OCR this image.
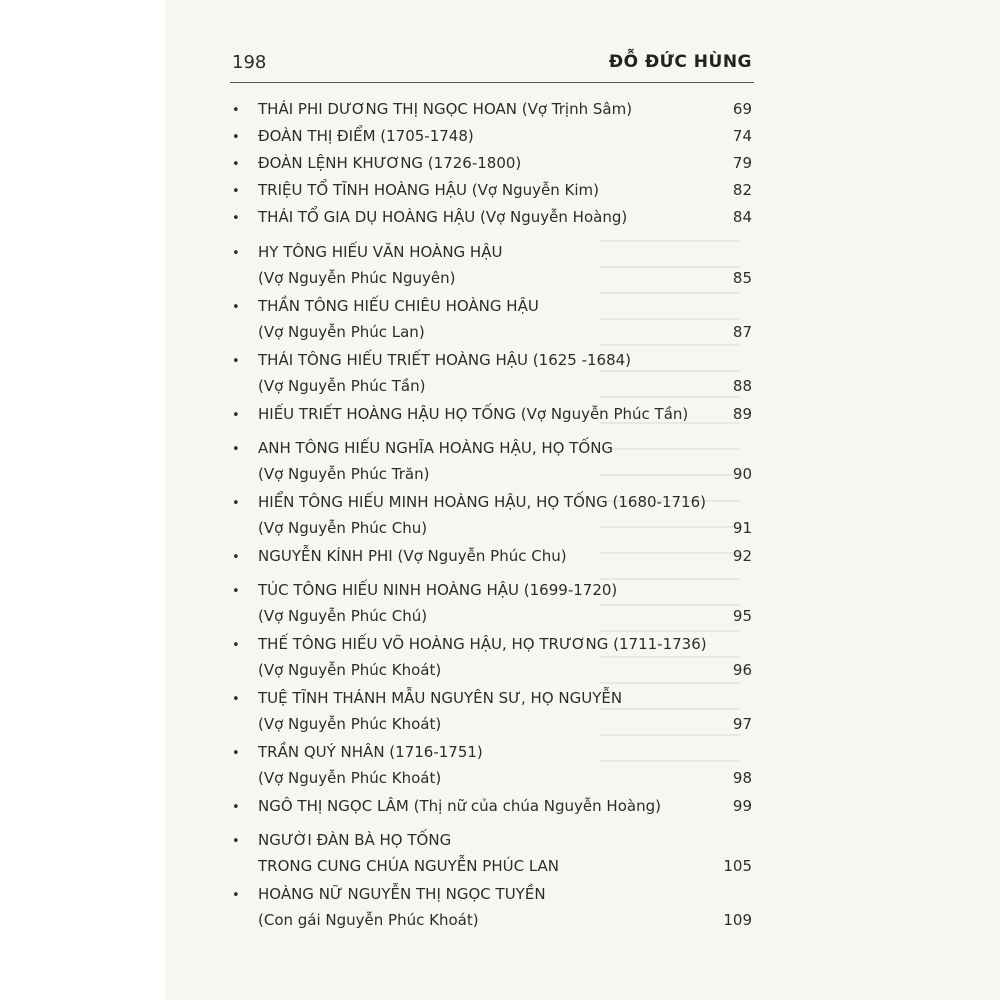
198	ĐỖ ĐỨC HÙNG
• THÁI PHI DƯƠNG THỊ NGỌC HOAN (Vợ Trịnh Sâm)	69
• ĐOÀN THỊ ĐIỂM (1705-1748)	74
• ĐOÀN LỆNH KHƯƠNG (1726-1800)	79
• TRIỆU TỔ TĨNH HOÀNG HẬU (Vợ Nguyễn Kim)	82
• THÁI TỔ GIA DỤ HOÀNG HẬU (Vợ Nguyễn Hoàng)	84
• HY TÔNG HIẾU VĂN HOÀNG HẬU
(Vợ Nguyễn Phúc Nguyên)	85
• THẦN TÔNG HIẾU CHIÊU HOÀNG HẬU
(Vợ Nguyễn Phúc Lan)	87
• THÁI TÔNG HIẾU TRIẾT HOÀNG HẬU (1625 -1684)
(Vợ Nguyễn Phúc Tần)	88
• HIẾU TRIẾT HOÀNG HẬU HỌ TỐNG (Vợ Nguyễn Phúc Tần)	89
• ANH TÔNG HIẾU NGHĨA HOÀNG HẬU, HỌ TỐNG
(Vợ Nguyễn Phúc Trăn)	90
• HIỂN TÔNG HIẾU MINH HOÀNG HẬU, HỌ TỐNG (1680-1716)
(Vợ Nguyễn Phúc Chu)	91
• NGUYỄN KÍNH PHI (Vợ Nguyễn Phúc Chu)	92
• TÚC TÔNG HIẾU NINH HOÀNG HẬU (1699-1720)
(Vợ Nguyễn Phúc Chú)	95
• THẾ TÔNG HIẾU VÕ HOÀNG HẬU, HỌ TRƯƠNG (1711-1736)
(Vợ Nguyễn Phúc Khoát)	96
• TUỆ TĨNH THÁNH MẪU NGUYÊN SƯ, HỌ NGUYỄN
(Vợ Nguyễn Phúc Khoát)	97
• TRẦN QUÝ NHÂN (1716-1751)
(Vợ Nguyễn Phúc Khoát)	98
• NGÔ THỊ NGỌC LÂM (Thị nữ của chúa Nguyễn Hoàng)	99
• NGƯỜI ĐÀN BÀ HỌ TỐNG
TRONG CUNG CHÚA NGUYỄN PHÚC LAN	105
• HOÀNG NỮ NGUYỄN THỊ NGỌC TUYỀN
(Con gái Nguyễn Phúc Khoát)	109
